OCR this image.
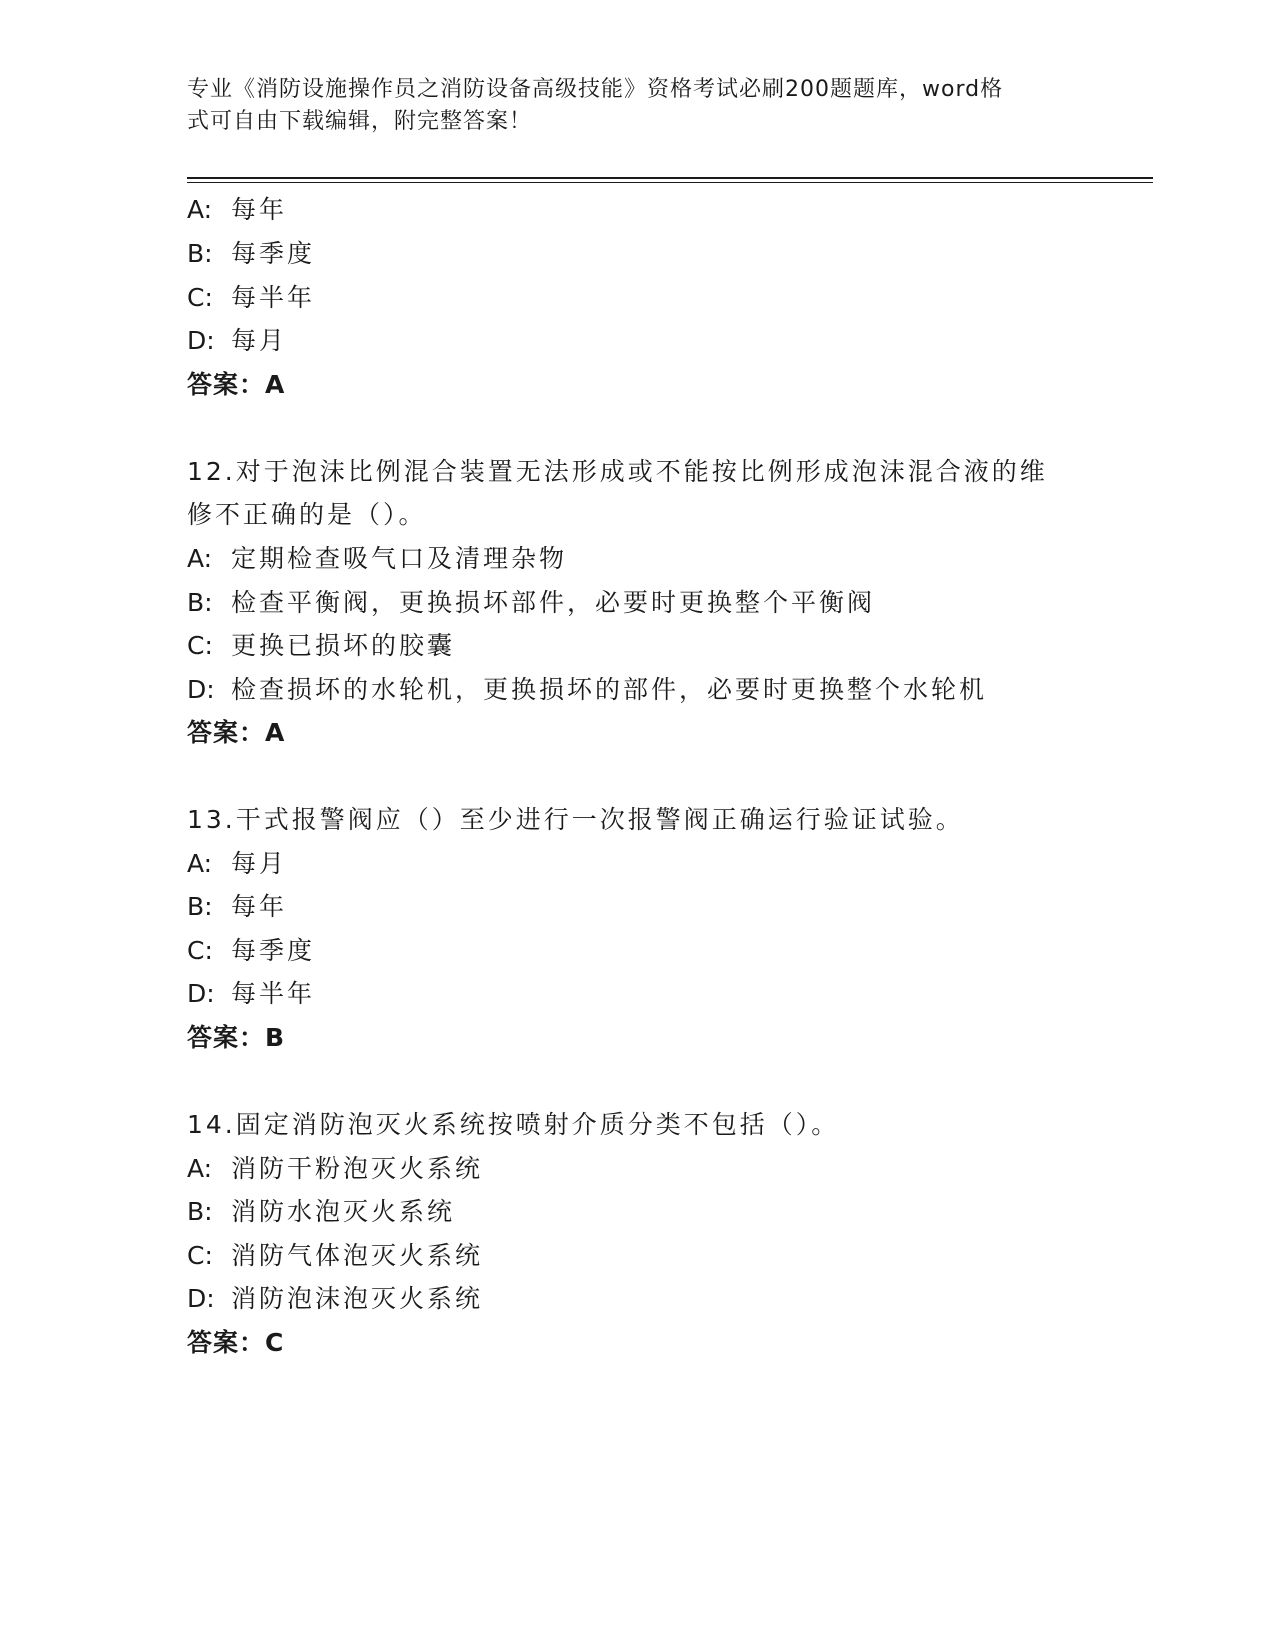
专业《消防设施操作员之消防设备高级技能》资格考试必刷200题题库，word格
式可自由下载编辑，附完整答案！
A: 每年
B: 每季度
C: 每半年
D: 每月
答案：A
12.对于泡沫比例混合装置无法形成或不能按比例形成泡沫混合液的维
修不正确的是（）。
A: 定期检查吸气口及清理杂物
B: 检查平衡阀，更换损坏部件，必要时更换整个平衡阀
C: 更换已损坏的胶囊
D: 检查损坏的水轮机，更换损坏的部件，必要时更换整个水轮机
答案：A
13.干式报警阀应（）至少进行一次报警阀正确运行验证试验。
A: 每月
B: 每年
C: 每季度
D: 每半年
答案：B
14.固定消防泡灭火系统按喷射介质分类不包括（）。
A: 消防干粉泡灭火系统
B: 消防水泡灭火系统
C: 消防气体泡灭火系统
D: 消防泡沫泡灭火系统
答案：C
